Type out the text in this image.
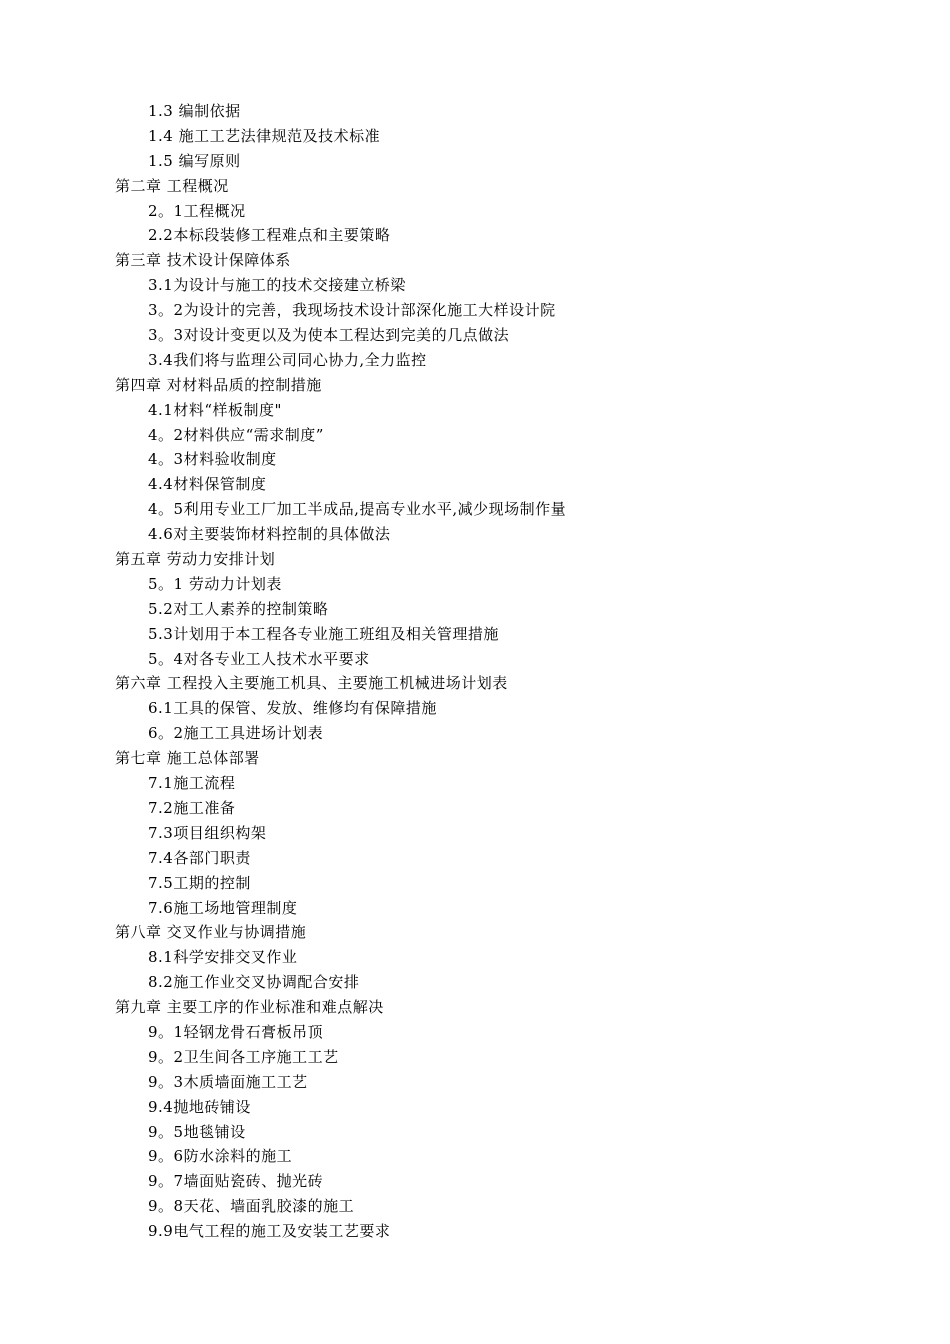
1.3 编制依据
1.4 施工工艺法律规范及技术标准
1.5 编写原则
第二章 工程概况
2。1工程概况
2.2本标段装修工程难点和主要策略
第三章 技术设计保障体系
3.1为设计与施工的技术交接建立桥梁
3。2为设计的完善，我现场技术设计部深化施工大样设计院
3。3对设计变更以及为使本工程达到完美的几点做法
3.4我们将与监理公司同心协力,全力监控
第四章 对材料品质的控制措施
4.1材料“样板制度"
4。2材料供应“需求制度”
4。3材料验收制度
4.4材料保管制度
4。5利用专业工厂加工半成品,提高专业水平,减少现场制作量
4.6对主要装饰材料控制的具体做法
第五章 劳动力安排计划
5。1 劳动力计划表
5.2对工人素养的控制策略
5.3计划用于本工程各专业施工班组及相关管理措施
5。4对各专业工人技术水平要求
第六章 工程投入主要施工机具、主要施工机械进场计划表
6.1工具的保管、发放、维修均有保障措施
6。2施工工具进场计划表
第七章 施工总体部署
7.1施工流程
7.2施工准备
7.3项目组织构架
7.4各部门职责
7.5工期的控制
7.6施工场地管理制度
第八章 交叉作业与协调措施
8.1科学安排交叉作业
8.2施工作业交叉协调配合安排
第九章 主要工序的作业标准和难点解决
9。1轻钢龙骨石膏板吊顶
9。2卫生间各工序施工工艺
9。3木质墙面施工工艺
9.4抛地砖铺设
9。5地毯铺设
9。6防水涂料的施工
9。7墙面贴瓷砖、抛光砖
9。8天花、墙面乳胶漆的施工
9.9电气工程的施工及安装工艺要求
